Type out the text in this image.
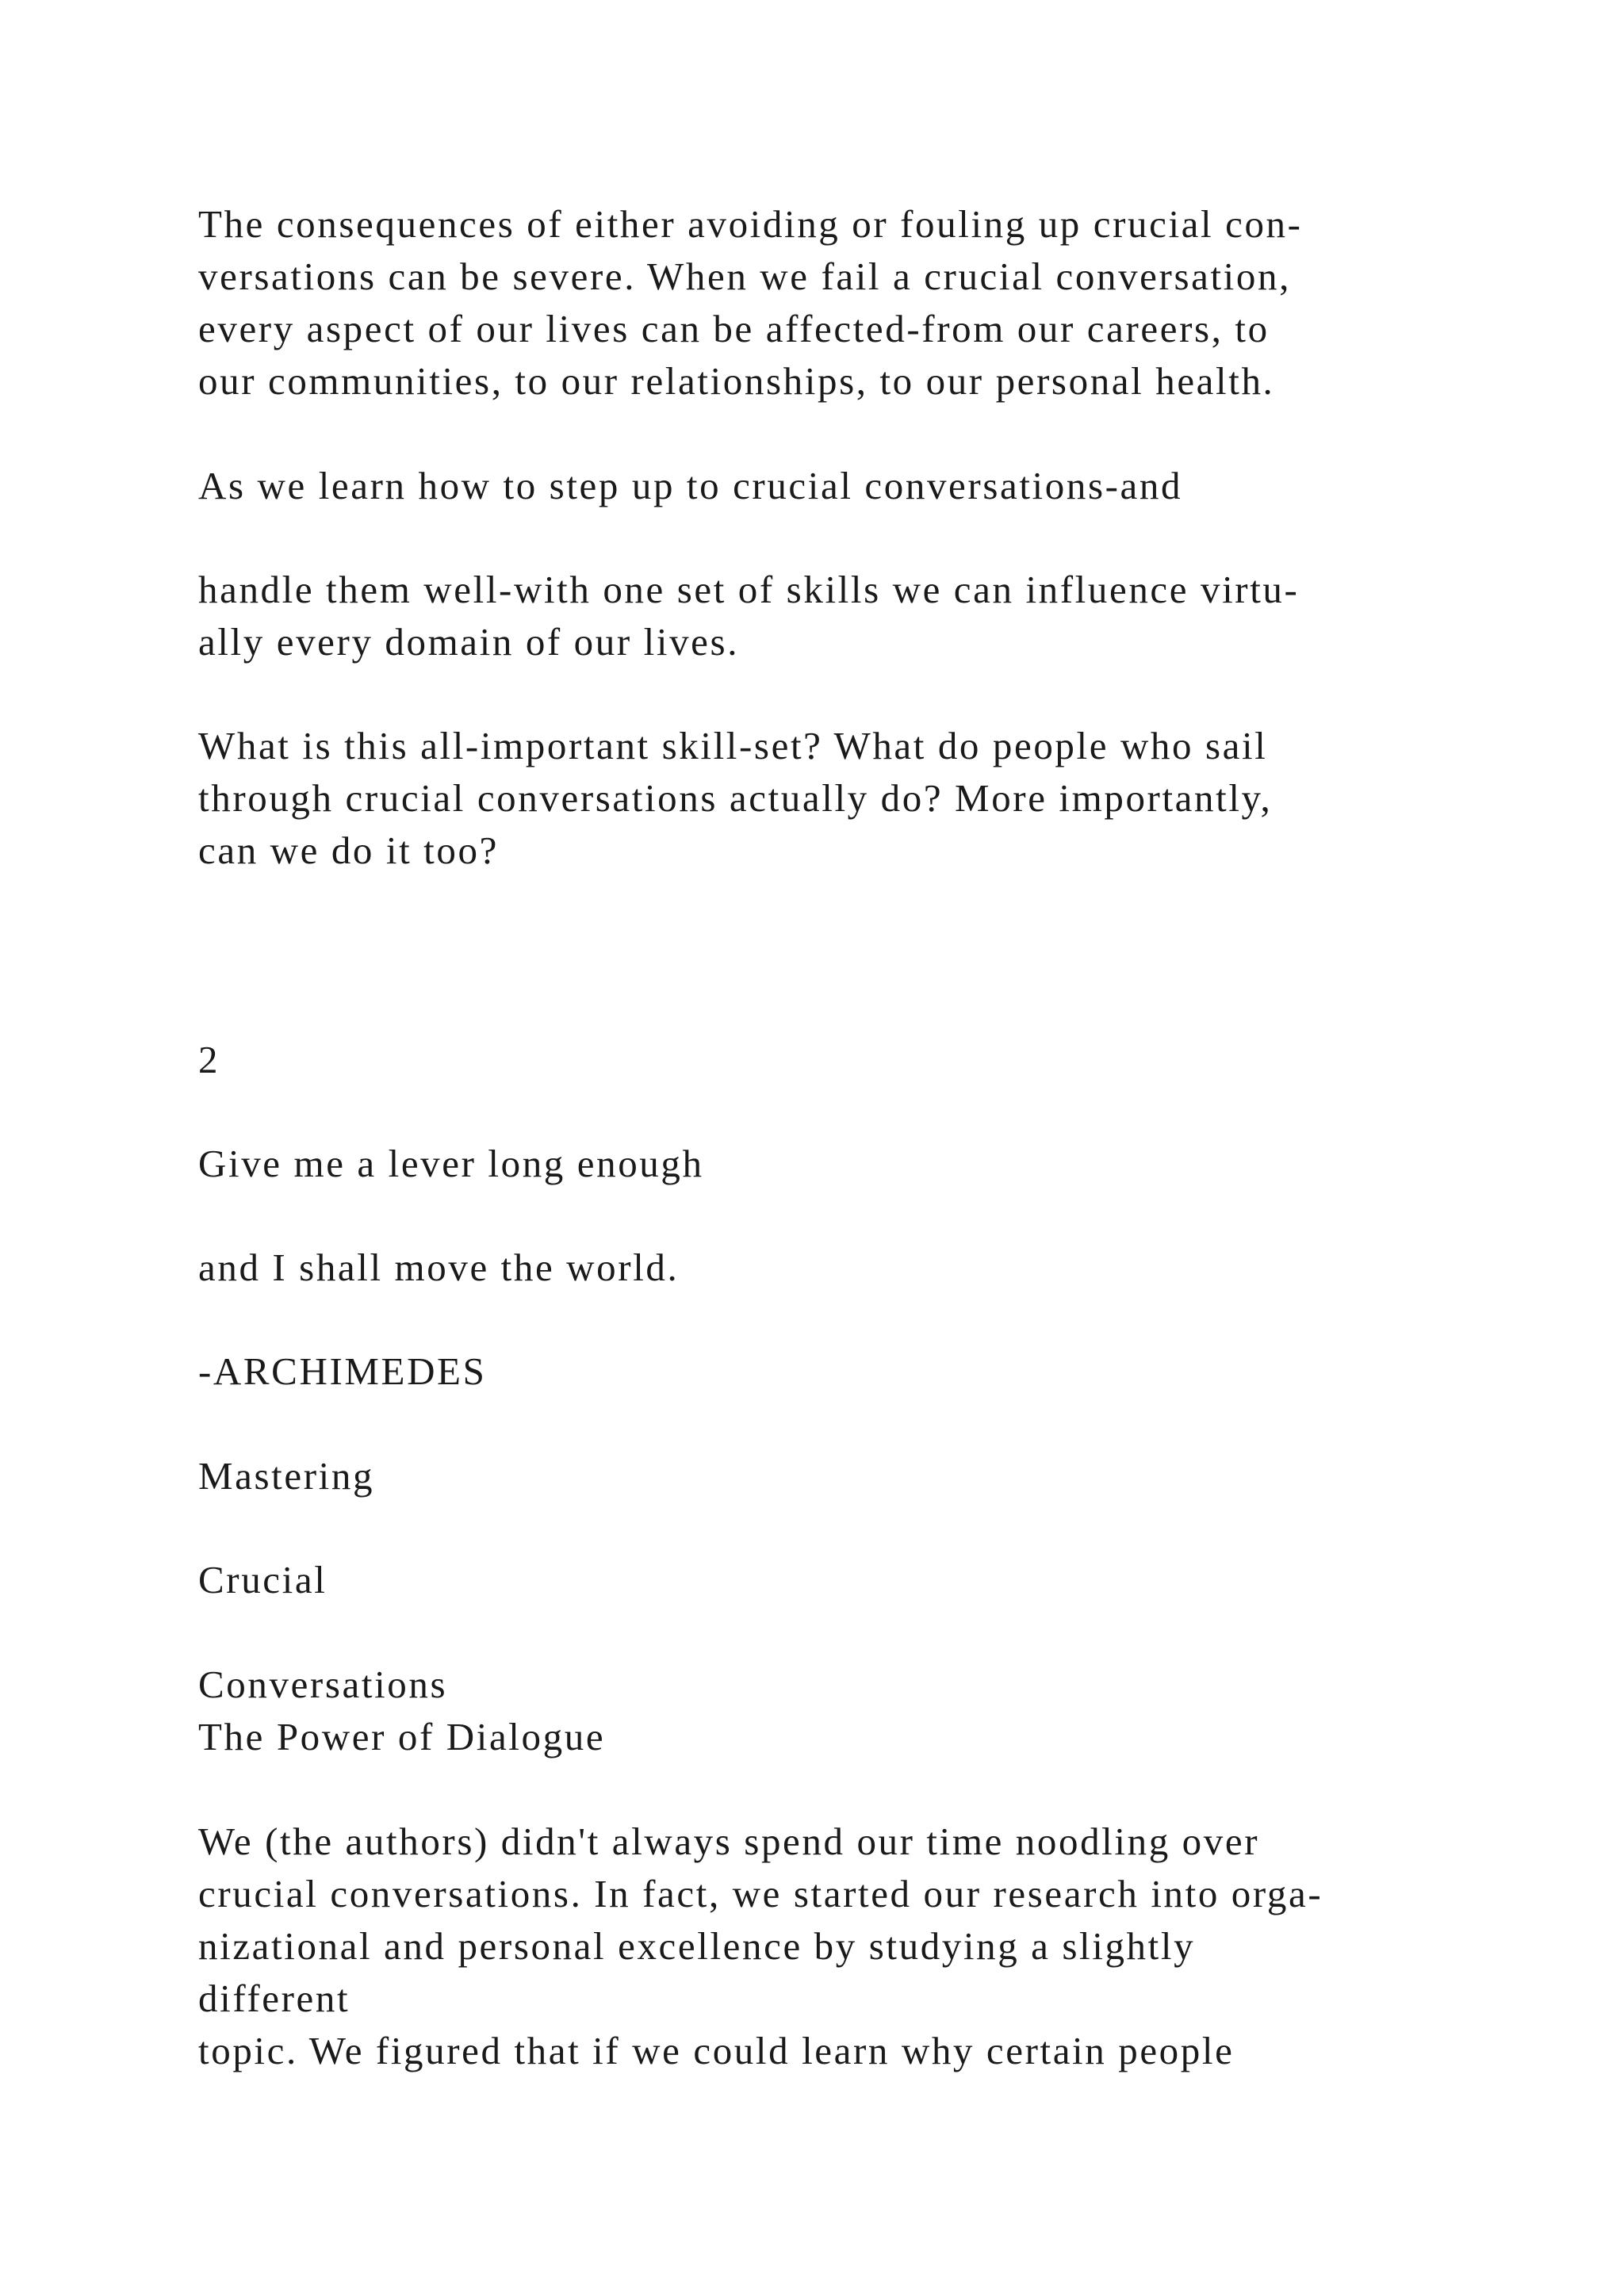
The consequences of either avoiding or fouling up crucial con-

versations can be severe. When we fail a crucial conversation,

every aspect of our lives can be affected-from our careers, to

our communities, to our relationships, to our personal health.

As we learn how to step up to crucial conversations-and

handle them well-with one set of skills we can influence virtu-

ally every domain of our lives.

What is this all-important skill-set? What do people who sail

through crucial conversations actually do? More importantly,

can we do it too?

2

Give me a lever long enough

and I shall move the world.

-ARCHIMEDES

Mastering

Crucial

Conversations

The Power of Dialogue

We (the authors) didn't always spend our time noodling over

crucial conversations. In fact, we started our research into orga-

nizational and personal excellence by studying a slightly

different

topic. We figured that if we could learn why certain people
